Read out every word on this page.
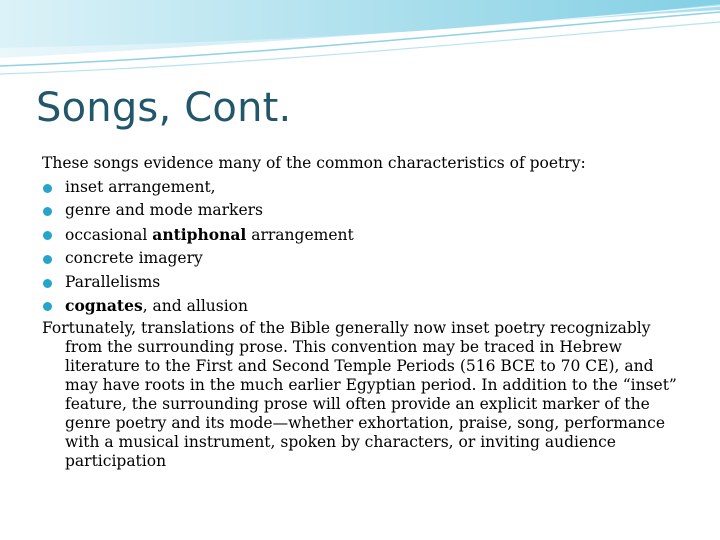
Songs, Cont.

These songs evidence many of the common characteristics of poetry:

inset arrangement,
genre and mode markers
occasional antiphonal arrangement
concrete imagery
Parallelisms
cognates, and allusion

Fortunately, translations of the Bible generally now inset poetry recognizably from the surrounding prose. This convention may be traced in Hebrew literature to the First and Second Temple Periods (516 BCE to 70 CE), and may have roots in the much earlier Egyptian period. In addition to the “inset” feature, the surrounding prose will often provide an explicit marker of the genre poetry and its mode—whether exhortation, praise, song, performance with a musical instrument, spoken by characters, or inviting audience participation
